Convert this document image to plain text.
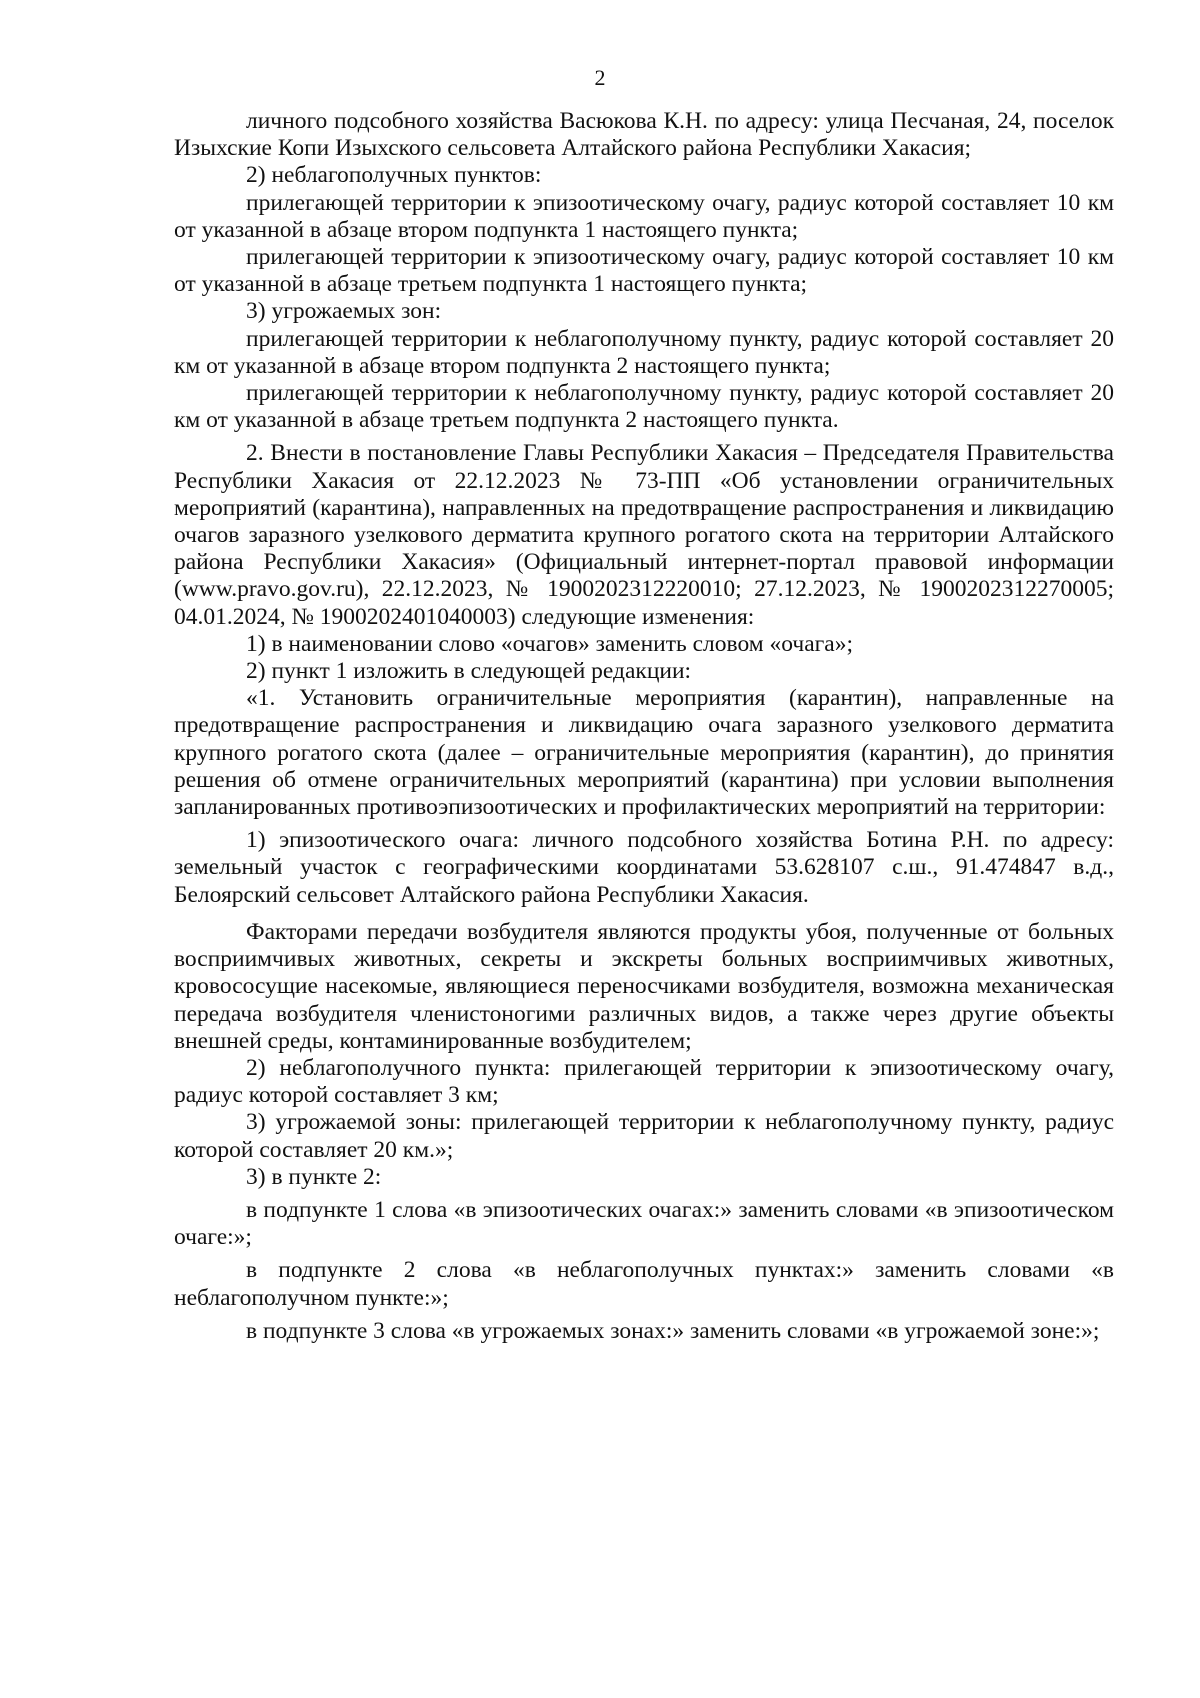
2

личного подсобного хозяйства Васюкова К.Н. по адресу: улица Песчаная, 24, поселок Изыхские Копи Изыхского сельсовета Алтайского района Республики Хакасия;

2) неблагополучных пунктов:

прилегающей территории к эпизоотическому очагу, радиус которой составляет 10 км от указанной в абзаце втором подпункта 1 настоящего пункта;

прилегающей территории к эпизоотическому очагу, радиус которой составляет 10 км от указанной в абзаце третьем подпункта 1 настоящего пункта;

3) угрожаемых зон:

прилегающей территории к неблагополучному пункту, радиус которой составляет 20 км от указанной в абзаце втором подпункта 2 настоящего пункта;

прилегающей территории к неблагополучному пункту, радиус которой составляет 20 км от указанной в абзаце третьем подпункта 2 настоящего пункта.

2. Внести в постановление Главы Республики Хакасия – Председателя Правительства Республики Хакасия от 22.12.2023 № 73-ПП «Об установлении ограничительных мероприятий (карантина), направленных на предотвращение распространения и ликвидацию очагов заразного узелкового дерматита крупного рогатого скота на территории Алтайского района Республики Хакасия» (Официальный интернет-портал правовой информации (www.pravo.gov.ru), 22.12.2023, № 1900202312220010; 27.12.2023, № 1900202312270005; 04.01.2024, № 1900202401040003) следующие изменения:

1) в наименовании слово «очагов» заменить словом «очага»;

2) пункт 1 изложить в следующей редакции:

«1. Установить ограничительные мероприятия (карантин), направленные на предотвращение распространения и ликвидацию очага заразного узелкового дерматита крупного рогатого скота (далее – ограничительные мероприятия (карантин), до принятия решения об отмене ограничительных мероприятий (карантина) при условии выполнения запланированных противоэпизоотических и профилактических мероприятий на территории:

1) эпизоотического очага: личного подсобного хозяйства Ботина Р.Н. по адресу: земельный участок с географическими координатами 53.628107 с.ш., 91.474847 в.д., Белоярский сельсовет Алтайского района Республики Хакасия.

Факторами передачи возбудителя являются продукты убоя, полученные от больных восприимчивых животных, секреты и экскреты больных восприимчивых животных, кровососущие насекомые, являющиеся переносчиками возбудителя, возможна механическая передача возбудителя членистоногими различных видов, а также через другие объекты внешней среды, контаминированные возбудителем;

2) неблагополучного пункта: прилегающей территории к эпизоотическому очагу, радиус которой составляет 3 км;

3) угрожаемой зоны: прилегающей территории к неблагополучному пункту, радиус которой составляет 20 км.»;

3) в пункте 2:

в подпункте 1 слова «в эпизоотических очагах:» заменить словами «в эпизоотическом очаге:»;

в подпункте 2 слова «в неблагополучных пунктах:» заменить словами «в неблагополучном пункте:»;

в подпункте 3 слова «в угрожаемых зонах:» заменить словами «в угрожаемой зоне:»;
